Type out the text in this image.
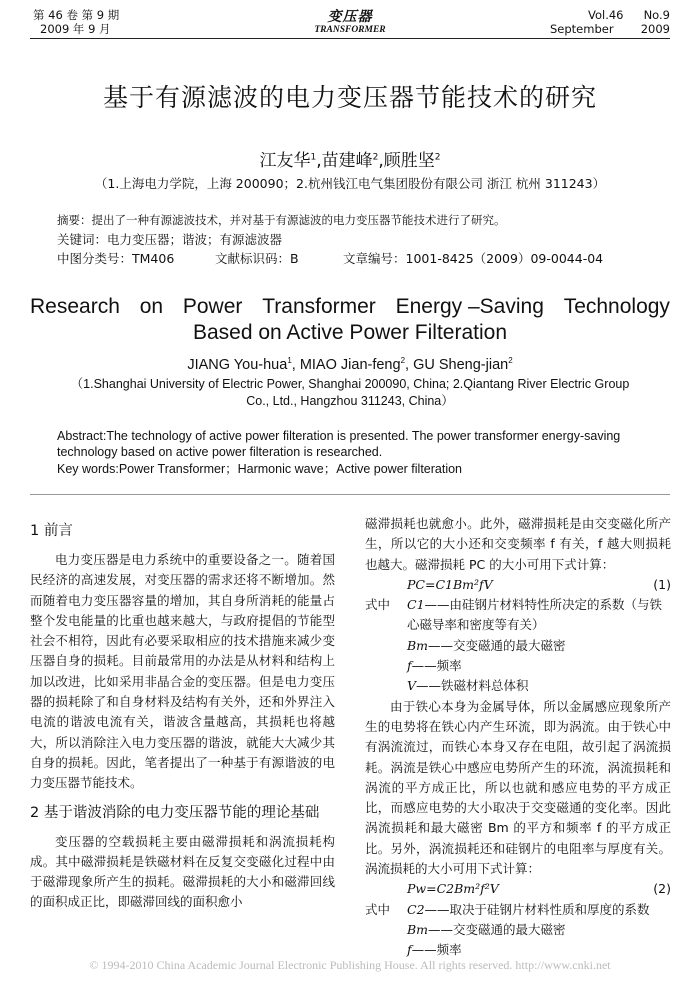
第 46 卷 第 9 期
2009 年 9 月
变压器
TRANSFORMER
Vol.46 No.9
September 2009
基于有源滤波的电力变压器节能技术的研究
江友华$^1$,苗建峰$^2$,顾胜坚$^2$
（1.上海电力学院，上海 200090；2.杭州钱江电气集团股份有限公司 浙江 杭州 311243）
摘要：提出了一种有源滤波技术，并对基于有源滤波的电力变压器节能技术进行了研究。
关键词：电力变压器；谐波；有源滤波器
中图分类号：TM406	文献标识码：B	文章编号：1001-8425（2009）09-0044-04
Research on Power Transformer Energy –Saving Technology
Based on Active Power Filteration
JIANG You-hua$^1$, MIAO Jian-feng$^2$, GU Sheng-jian$^2$
（1.Shanghai University of Electric Power, Shanghai 200090, China; 2.Qiantang River Electric Group Co., Ltd., Hangzhou 311243, China）
Abstract:The technology of active power filteration is presented. The power transformer energy-saving technology based on active power filteration is researched.
Key words:Power Transformer；Harmonic wave；Active power filteration
1 前言

电力变压器是电力系统中的重要设备之一。随着国民经济的高速发展，对变压器的需求还将不断增加。然而随着电力变压器容量的增加，其自身所消耗的能量占整个发电能量的比重也越来越大，与政府提倡的节能型社会不相符，因此有必要采取相应的技术措施来减少变压器自身的损耗。目前最常用的办法是从材料和结构上加以改进，比如采用非晶合金的变压器。但是电力变压器的损耗除了和自身材料及结构有关外，还和外界注入电流的谐波电流有关，谐波含量越高，其损耗也将越大，所以消除注入电力变压器的谐波，就能大大减少其自身的损耗。因此，笔者提出了一种基于有源谐波的电力变压器节能技术。

2 基于谐波消除的电力变压器节能的理论基础

变压器的空载损耗主要由磁滞损耗和涡流损耗构成。其中磁滞损耗是铁磁材料在反复交变磁化过程中由于磁滞现象所产生的损耗。磁滞损耗的大小和磁滞回线的面积成正比，即磁滞回线的面积愈小

磁滞损耗也就愈小。此外，磁滞损耗是由交变磁化所产生，所以它的大小还和交变频率 f 有关，f 越大则损耗也越大。磁滞损耗 PC 的大小可用下式计算：

PC=C1Bm²fV	(1)
式中 C1——由硅钢片材料特性所决定的系数（与铁心磁导率和密度等有关）
Bm——交变磁通的最大磁密
f——频率
V——铁磁材料总体积

由于铁心本身为金属导体，所以金属感应现象所产生的电势将在铁心内产生环流，即为涡流。由于铁心中有涡流流过，而铁心本身又存在电阻，故引起了涡流损耗。涡流是铁心中感应电势所产生的环流，涡流损耗和涡流的平方成正比，所以也就和感应电势的平方成正比，而感应电势的大小取决于交变磁通的变化率。因此涡流损耗和最大磁密 Bm 的平方和频率 f 的平方成正比。另外，涡流损耗还和硅钢片的电阻率与厚度有关。涡流损耗的大小可用下式计算：

Pw=C2Bm²f²V	(2)
式中 C2——取决于硅钢片材料性质和厚度的系数
Bm——交变磁通的最大磁密
f——频率
© 1994-2010 China Academic Journal Electronic Publishing House. All rights reserved. http://www.cnki.net
